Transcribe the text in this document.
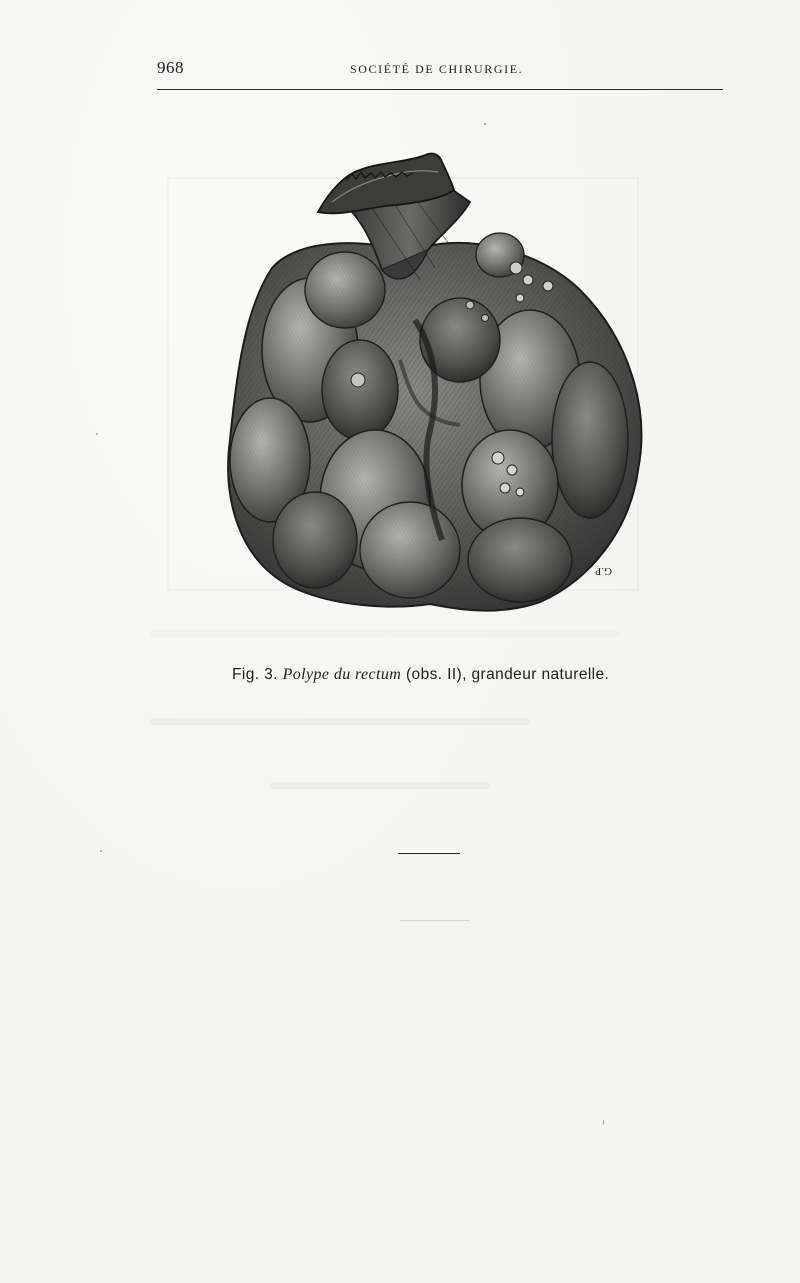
968	SOCIÉTÉ DE CHIRURGIE.
G.P
Fig. 3. Polype du rectum (obs. II), grandeur naturelle.
